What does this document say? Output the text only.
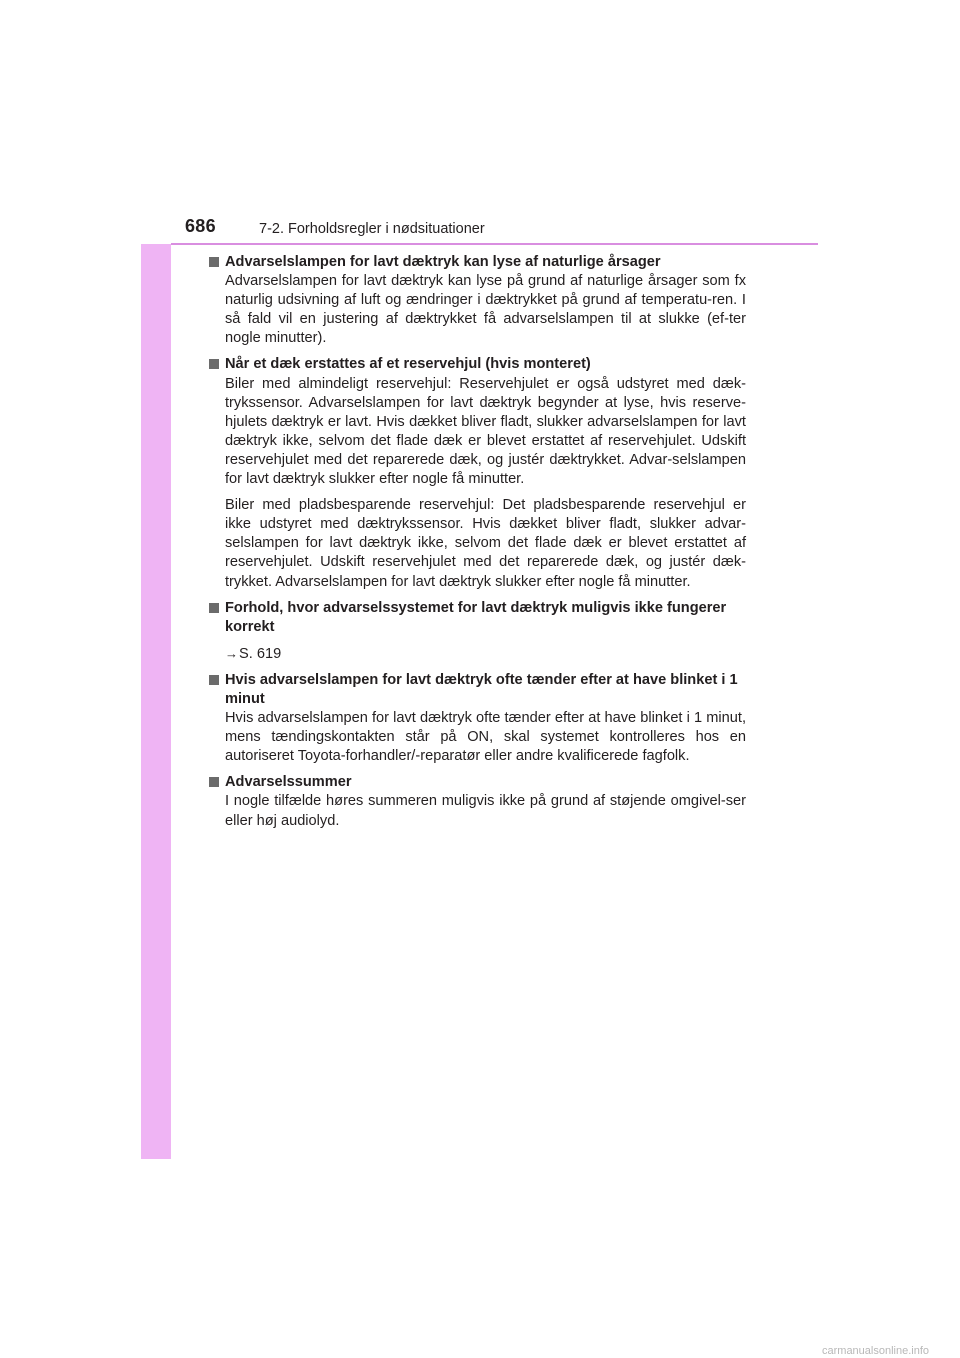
686	7-2. Forholdsregler i nødsituationer
Advarselslampen for lavt dæktryk kan lyse af naturlige årsager

Advarselslampen for lavt dæktryk kan lyse på grund af naturlige årsager som fx naturlig udsivning af luft og ændringer i dæktrykket på grund af temperatu-ren. I så fald vil en justering af dæktrykket få advarselslampen til at slukke (ef-ter nogle minutter).

Når et dæk erstattes af et reservehjul (hvis monteret)

Biler med almindeligt reservehjul: Reservehjulet er også udstyret med dæk-trykssensor. Advarselslampen for lavt dæktryk begynder at lyse, hvis reserve-hjulets dæktryk er lavt. Hvis dækket bliver fladt, slukker advarselslampen for lavt dæktryk ikke, selvom det flade dæk er blevet erstattet af reservehjulet. Udskift reservehjulet med det reparerede dæk, og justér dæktrykket. Advar-selslampen for lavt dæktryk slukker efter nogle få minutter.

Biler med pladsbesparende reservehjul: Det pladsbesparende reservehjul er ikke udstyret med dæktrykssensor. Hvis dækket bliver fladt, slukker advar-selslampen for lavt dæktryk ikke, selvom det flade dæk er blevet erstattet af reservehjulet. Udskift reservehjulet med det reparerede dæk, og justér dæk-trykket. Advarselslampen for lavt dæktryk slukker efter nogle få minutter.

Forhold, hvor advarselssystemet for lavt dæktryk muligvis ikke fungerer korrekt
→S. 619
Hvis advarselslampen for lavt dæktryk ofte tænder efter at have blinket i 1 minut

Hvis advarselslampen for lavt dæktryk ofte tænder efter at have blinket i 1 minut, mens tændingskontakten står på ON, skal systemet kontrolleres hos en autoriseret Toyota-forhandler/-reparatør eller andre kvalificerede fagfolk.

Advarselssummer

I nogle tilfælde høres summeren muligvis ikke på grund af støjende omgivel-ser eller høj audiolyd.

carmanualsonline.info
